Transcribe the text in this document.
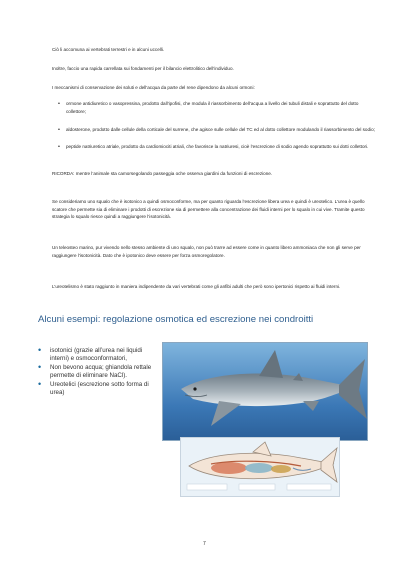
Ciò li accomuna ai vertebrati terrestri e in alcuni uccelli.

Inoltre, faccio una rapida carrellata sui fondamenti per il bilancio elettrolitico dell’individuo.

I meccanismi di conservazione dei soluti e dell’acqua da parte del rene dipendono da alcuni ormoni:

• ormone antidiuretico o vasopressina, prodotto dall’ipofisi, che modula il riassorbimento dell’acqua a livello dei tubuli distali e soprattutto del dotto collettore;
• aldosterone, prodotto dalle cellule della corticale del surrene, che agisce sulle cellule del TC ed al dotto collettore modulando il riassorbimento del sodio;
• peptide natriuretico atriale, prodotto da cardiomiociti atriali, che favorisce la natriuresi, cioè l’escrezione di sodio agendo soprattutto sui dotti collettori.

RICORDA: mentre l’animale sta camorsegolando passeggia oche osserva giardini da funzioni di escrezione.

Se consideriamo uno squalo che è isotonico a quindi osmoconforme, ma per quanto riguarda l’escrezione libera urea e quindi è ureotelico. L’urea è quello scatore che permette sia di eliminare i prodotti di escrezione sia di permettere alla concentrazione dei fluidi interni per lo squalo in cui vive. Tramite questo strategia lo squalo riesce quindi a raggiungere l’isotonicità.

Un teleosteo marino, pur vivendo nello stesso ambiente di uno squalo, non può trarre ad essere come in quanto libero ammoniaca che non gli serve per raggiungere l’isotonicità. Dato che è ipotonico deve essere per forza osmoregolatore.

L’ureotelismo è stato raggiunto in maniera indipendente da vari vertebrati come gli anfibi adulti che però sono ipertonici rispetto ai fluidi interni.

Alcuni esempi: regolazione osmotica ed escrezione nei condroitti
• isotonici (grazie all’urea nei liquidi interni) e osmoconformatori,
• Non bevono acqua; ghiandola rettale permette di eliminare NaCl).
• Ureotelici (escrezione sotto forma di urea)
7
